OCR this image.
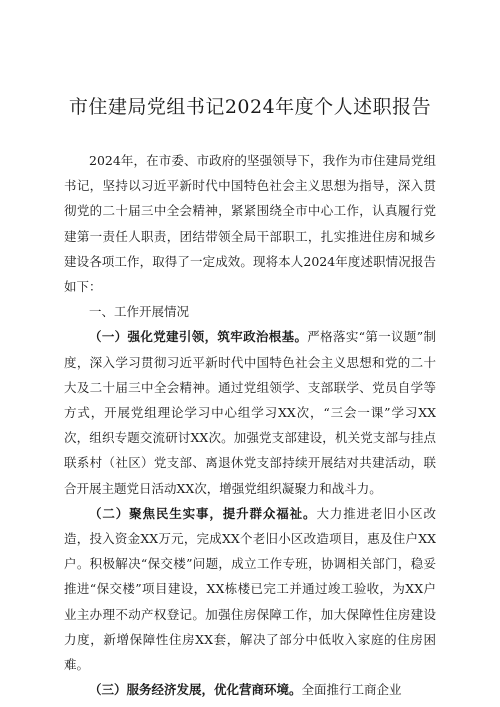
市住建局党组书记2024年度个人述职报告

2024年，在市委、市政府的坚强领导下，我作为市住建局党组书记，坚持以习近平新时代中国特色社会主义思想为指导，深入贯彻党的二十届三中全会精神，紧紧围绕全市中心工作，认真履行党建第一责任人职责，团结带领全局干部职工，扎实推进住房和城乡建设各项工作，取得了一定成效。现将本人2024年度述职情况报告如下：

一、工作开展情况

（一）强化党建引领，筑牢政治根基。严格落实“第一议题”制度，深入学习贯彻习近平新时代中国特色社会主义思想和党的二十大及二十届三中全会精神。通过党组领学、支部联学、党员自学等方式，开展党组理论学习中心组学习XX次，“三会一课”学习XX次，组织专题交流研讨XX次。加强党支部建设，机关党支部与挂点联系村（社区）党支部、离退休党支部持续开展结对共建活动，联合开展主题党日活动XX次，增强党组织凝聚力和战斗力。

（二）聚焦民生实事，提升群众福祉。大力推进老旧小区改造，投入资金XX万元，完成XX个老旧小区改造项目，惠及住户XX户。积极解决“保交楼”问题，成立工作专班，协调相关部门，稳妥推进“保交楼”项目建设，XX栋楼已完工并通过竣工验收，为XX户业主办理不动产权登记。加强住房保障工作，加大保障性住房建设力度，新增保障性住房XX套，解决了部分中低收入家庭的住房困难。

（三）服务经济发展，优化营商环境。全面推行工商企业
